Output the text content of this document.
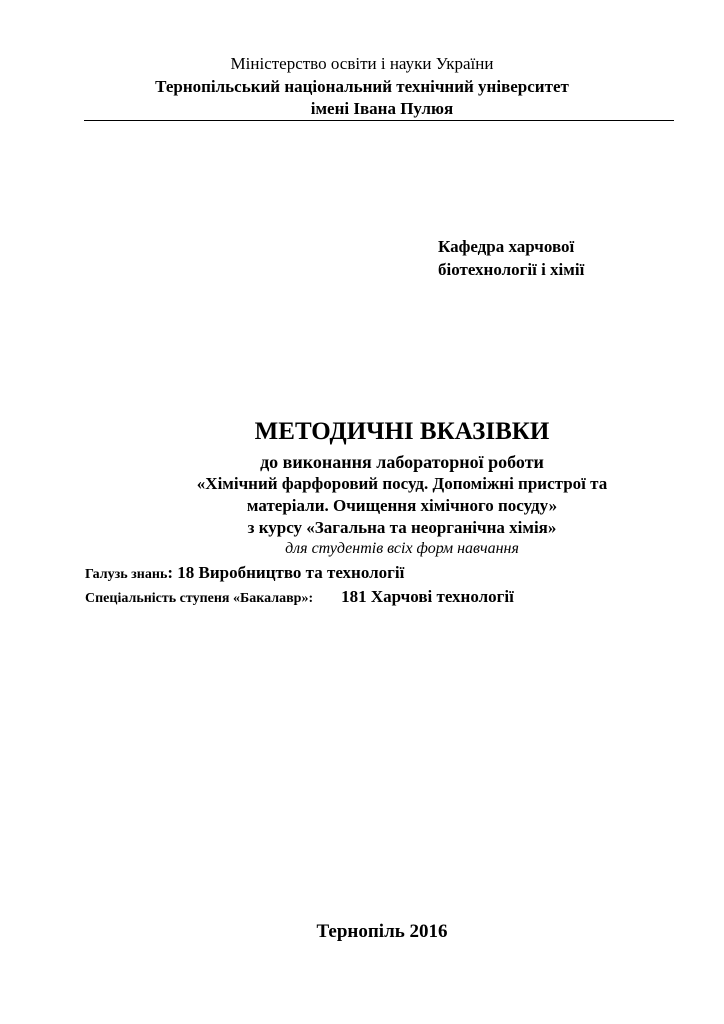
Міністерство освіти і науки України
Тернопільський національний технічний університет
імені Івана Пулюя
Кафедра харчової
біотехнології і хімії
МЕТОДИЧНІ ВКАЗІВКИ
до виконання лабораторної роботи
«Хімічний фарфоровий посуд. Допоміжні пристрої та
матеріали. Очищення хімічного посуду»
з курсу «Загальна та неорганічна хімія»
для студентів всіх форм навчання
Галузь знань: 18 Виробництво та технології
Спеціальність ступеня «Бакалавр»: 181 Харчові технології
Тернопіль 2016
